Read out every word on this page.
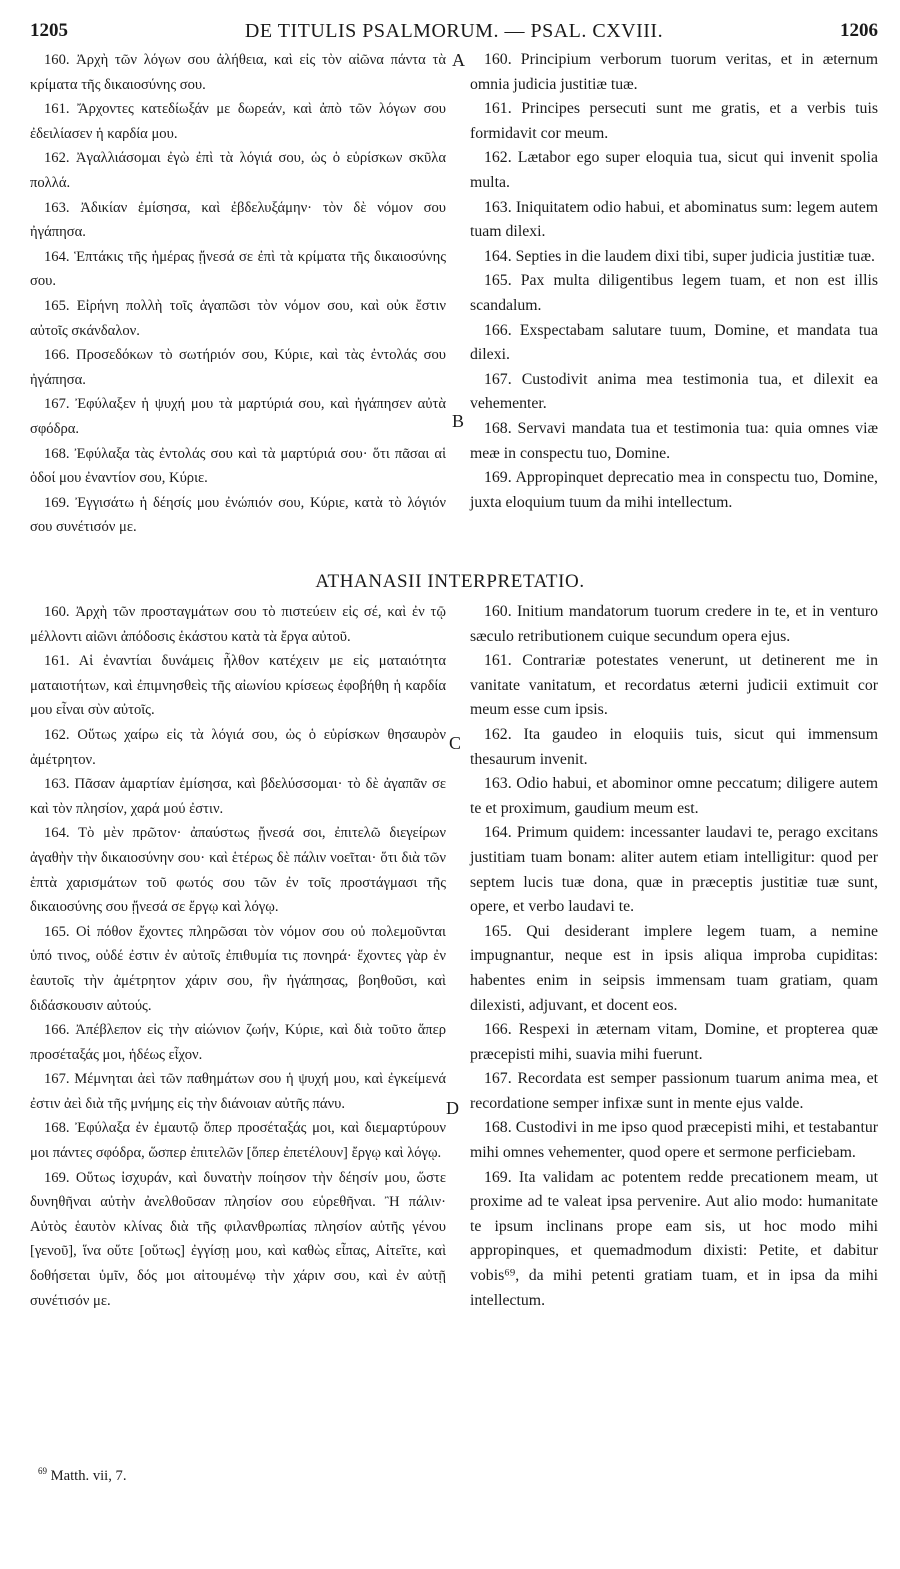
1205	DE TITULIS PSALMORUM. — PSAL. CXVIII.	1206

160. Ἀρχὴ τῶν λόγων σου ἀλήθεια, καὶ εἰς τὸν αἰῶνα πάντα τὰ κρίματα τῆς δικαιοσύνης σου.

161. Ἄρχοντες κατεδίωξάν με δωρεάν, καὶ ἀπὸ τῶν λόγων σου ἐδειλίασεν ἡ καρδία μου.

162. Ἀγαλλιάσομαι ἐγὼ ἐπὶ τὰ λόγιά σου, ὡς ὁ εὑρίσκων σκῦλα πολλά.

163. Ἀδικίαν ἐμίσησα, καὶ ἐβδελυξάμην· τὸν δὲ νόμον σου ἠγάπησα.

164. Ἑπτάκις τῆς ἡμέρας ᾔνεσά σε ἐπὶ τὰ κρίματα τῆς δικαιοσύνης σου.

165. Εἰρήνη πολλὴ τοῖς ἀγαπῶσι τὸν νόμον σου, καὶ οὐκ ἔστιν αὐτοῖς σκάνδαλον.

166. Προσεδόκων τὸ σωτήριόν σου, Κύριε, καὶ τὰς ἐντολάς σου ἠγάπησα.

167. Ἐφύλαξεν ἡ ψυχή μου τὰ μαρτύριά σου, καὶ ἠγάπησεν αὐτὰ σφόδρα.

168. Ἐφύλαξα τὰς ἐντολάς σου καὶ τὰ μαρτύριά σου· ὅτι πᾶσαι αἱ ὁδοί μου ἐναντίον σου, Κύριε.

169. Ἐγγισάτω ἡ δέησίς μου ἐνώπιόν σου, Κύριε, κατὰ τὸ λόγιόν σου συνέτισόν με.

160. Principium verborum tuorum veritas, et in æternum omnia judicia justitiæ tuæ.

161. Principes persecuti sunt me gratis, et a verbis tuis formidavit cor meum.

162. Lætabor ego super eloquia tua, sicut qui invenit spolia multa.

163. Iniquitatem odio habui, et abominatus sum: legem autem tuam dilexi.

164. Septies in die laudem dixi tibi, super judicia justitiæ tuæ.

165. Pax multa diligentibus legem tuam, et non est illis scandalum.

166. Exspectabam salutare tuum, Domine, et mandata tua dilexi.

167. Custodivit anima mea testimonia tua, et dilexit ea vehementer.

168. Servavi mandata tua et testimonia tua: quia omnes viæ meæ in conspectu tuo, Domine.

169. Appropinquet deprecatio mea in conspectu tuo, Domine, juxta eloquium tuum da mihi intellectum.

A
B
ATHANASII INTERPRETATIO.

160. Ἀρχὴ τῶν προσταγμάτων σου τὸ πιστεύειν εἰς σέ, καὶ ἐν τῷ μέλλοντι αἰῶνι ἀπόδοσις ἑκάστου κατὰ τὰ ἔργα αὐτοῦ.

161. Αἱ ἐναντίαι δυνάμεις ἦλθον κατέχειν με εἰς ματαιότητα ματαιοτήτων, καὶ ἐπιμνησθεὶς τῆς αἰωνίου κρίσεως ἐφοβήθη ἡ καρδία μου εἶναι σὺν αὐτοῖς.

162. Οὕτως χαίρω εἰς τὰ λόγιά σου, ὡς ὁ εὑρίσκων θησαυρὸν ἀμέτρητον.

163. Πᾶσαν ἁμαρτίαν ἐμίσησα, καὶ βδελύσσομαι· τὸ δὲ ἀγαπᾶν σε καὶ τὸν πλησίον, χαρά μού ἐστιν.

164. Τὸ μὲν πρῶτον· ἀπαύστως ᾔνεσά σοι, ἐπιτελῶ διεγείρων ἀγαθὴν τὴν δικαιοσύνην σου· καὶ ἑτέρως δὲ πάλιν νοεῖται· ὅτι διὰ τῶν ἑπτὰ χαρισμάτων τοῦ φωτός σου τῶν ἐν τοῖς προστάγμασι τῆς δικαιοσύνης σου ᾔνεσά σε ἔργῳ καὶ λόγῳ.

165. Οἱ πόθον ἔχοντες πληρῶσαι τὸν νόμον σου οὐ πολεμοῦνται ὑπό τινος, οὐδέ ἐστιν ἐν αὐτοῖς ἐπιθυμία τις πονηρά· ἔχοντες γὰρ ἐν ἑαυτοῖς τὴν ἀμέτρητον χάριν σου, ἣν ἠγάπησας, βοηθοῦσι, καὶ διδάσκουσιν αὐτούς.

166. Ἀπέβλεπον εἰς τὴν αἰώνιον ζωήν, Κύριε, καὶ διὰ τοῦτο ἅπερ προσέταξάς μοι, ἡδέως εἶχον.

167. Μέμνηται ἀεὶ τῶν παθημάτων σου ἡ ψυχή μου, καὶ ἐγκείμενά ἐστιν ἀεὶ διὰ τῆς μνήμης εἰς τὴν διάνοιαν αὐτῆς πάνυ.

168. Ἐφύλαξα ἐν ἐμαυτῷ ὅπερ προσέταξάς μοι, καὶ διεμαρτύρουν μοι πάντες σφόδρα, ὥσπερ ἐπιτελῶν [ὅπερ ἐπετέλουν] ἔργῳ καὶ λόγῳ.

169. Οὕτως ἰσχυράν, καὶ δυνατὴν ποίησον τὴν δέησίν μου, ὥστε δυνηθῆναι αὐτὴν ἀνελθοῦσαν πλησίον σου εὑρεθῆναι. Ἢ πάλιν· Αὐτὸς ἑαυτὸν κλίνας διὰ τῆς φιλανθρωπίας πλησίον αὐτῆς γένου [γενοῦ], ἵνα οὕτε [οὕτως] ἐγγίσῃ μου, καὶ καθὼς εἶπας, Αἰτεῖτε, καὶ δοθήσεται ὑμῖν, δός μοι αἰτουμένῳ τὴν χάριν σου, καὶ ἐν αὐτῇ συνέτισόν με.

160. Initium mandatorum tuorum credere in te, et in venturo sæculo retributionem cuique secundum opera ejus.

161. Contrariæ potestates venerunt, ut detinerent me in vanitate vanitatum, et recordatus æterni judicii extimuit cor meum esse cum ipsis.

162. Ita gaudeo in eloquiis tuis, sicut qui immensum thesaurum invenit.

163. Odio habui, et abominor omne peccatum; diligere autem te et proximum, gaudium meum est.

164. Primum quidem: incessanter laudavi te, perago excitans justitiam tuam bonam: aliter autem etiam intelligitur: quod per septem lucis tuæ dona, quæ in præceptis justitiæ tuæ sunt, opere, et verbo laudavi te.

165. Qui desiderant implere legem tuam, a nemine impugnantur, neque est in ipsis aliqua improba cupiditas: habentes enim in seipsis immensam tuam gratiam, quam dilexisti, adjuvant, et docent eos.

166. Respexi in æternam vitam, Domine, et propterea quæ præcepisti mihi, suavia mihi fuerunt.

167. Recordata est semper passionum tuarum anima mea, et recordatione semper infixæ sunt in mente ejus valde.

168. Custodivi in me ipso quod præcepisti mihi, et testabantur mihi omnes vehementer, quod opere et sermone perficiebam.

169. Ita validam ac potentem redde precationem meam, ut proxime ad te valeat ipsa pervenire. Aut alio modo: humanitate te ipsum inclinans prope eam sis, ut hoc modo mihi appropinques, et quemadmodum dixisti: Petite, et dabitur vobis⁶⁹, da mihi petenti gratiam tuam, et in ipsa da mihi intellectum.

C
D
$^{69}$ Matth. vii, 7.
